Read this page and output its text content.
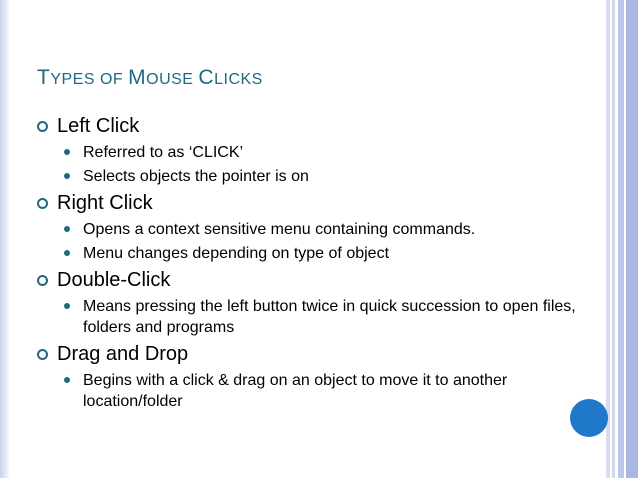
TYPES OF MOUSE CLICKS
Left Click
Referred to as ‘CLICK’
Selects objects the pointer is on
Right Click
Opens a context sensitive menu containing commands.
Menu changes depending on type of object
Double-Click
Means pressing the left button twice in quick succession to open files, folders and programs
Drag and Drop
Begins with a click & drag on an object to move it to another location/folder
